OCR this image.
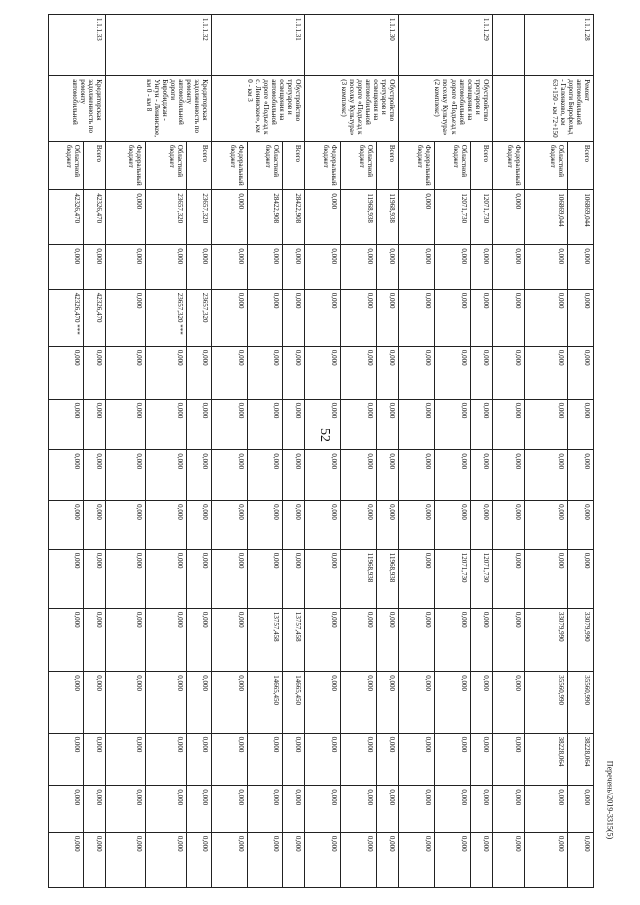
52
Перечень\2019-3315(5)
1.1.1.28	Ремонт автомобильной дороги Бирофельд - Галенково, км 63+150 - км 72+150	Всего	106869,044	0,000	0,000	0,000	0,000	0,000	0,000	0,000	33079,990	35560,990	38228,064	0,000	0,000
		Областной бюджет	106869,044	0,000	0,000	0,000	0,000	0,000	0,000	0,000	33079,990	35560,990	38228,064	0,000	0,000
		Федеральный бюджет	0,000	0,000	0,000	0,000	0,000	0,000	0,000	0,000	0,000	0,000	0,000	0,000	0,000
1.1.1.29	Обустройство тротуаров и освещения на автомобильной дороге «Подъезд к поселку Культура» (2 комплекс)	Всего	12071,730	0,000	0,000	0,000	0,000	0,000	0,000	12071,730	0,000	0,000	0,000	0,000	0,000
		Областной бюджет	12071,730	0,000	0,000	0,000	0,000	0,000	0,000	12071,730	0,000	0,000	0,000	0,000	0,000
		Федеральный бюджет	0,000	0,000	0,000	0,000	0,000	0,000	0,000	0,000	0,000	0,000	0,000	0,000	0,000
1.1.1.30	Обустройство тротуаров и освещения на автомобильной дороге «Подъезд к поселку Культура» (3 комплекс)	Всего	11968,938	0,000	0,000	0,000	0,000	0,000	0,000	11968,938	0,000	0,000	0,000	0,000	0,000
		Областной бюджет	11968,938	0,000	0,000	0,000	0,000	0,000	0,000	11968,938	0,000	0,000	0,000	0,000	0,000
		Федеральный бюджет	0,000	0,000	0,000	0,000	0,000	0,000	0,000	0,000	0,000	0,000	0,000	0,000	0,000
1.1.1.31	Обустройство тротуаров и освещения на автомобильной дороге «Подъезд к с. Ленинское», км 0 - км 3	Всего	28422,908	0,000	0,000	0,000	0,000	0,000	0,000	0,000	13757,458	14665,450	0,000	0,000	0,000
		Областной бюджет	28422,908	0,000	0,000	0,000	0,000	0,000	0,000	0,000	13757,458	14665,450	0,000	0,000	0,000
		Федеральный бюджет	0,000	0,000	0,000	0,000	0,000	0,000	0,000	0,000	0,000	0,000	0,000	0,000	0,000
1.1.1.32	Кредиторская задолженность по ремонту автомобильной дороги Биробиджан - Унгун - Ленинское, км 0 - км 8	Всего	23657,320	0,000	23657,320	0,000	0,000	0,000	0,000	0,000	0,000	0,000	0,000	0,000	0,000
		Областной бюджет	23657,320	0,000	23657,320 ***	0,000	0,000	0,000	0,000	0,000	0,000	0,000	0,000	0,000	0,000
		Федеральный бюджет	0,000	0,000	0,000	0,000	0,000	0,000	0,000	0,000	0,000	0,000	0,000	0,000	0,000
1.1.1.33	Кредиторская задолженность по ремонту автомобильной	Всего	42326,470	0,000	42326,470	0,000	0,000	0,000	0,000	0,000	0,000	0,000	0,000	0,000	0,000
		Областной бюджет	42326,470	0,000	42326,470 ***	0,000	0,000	0,000	0,000	0,000	0,000	0,000	0,000	0,000	0,000
